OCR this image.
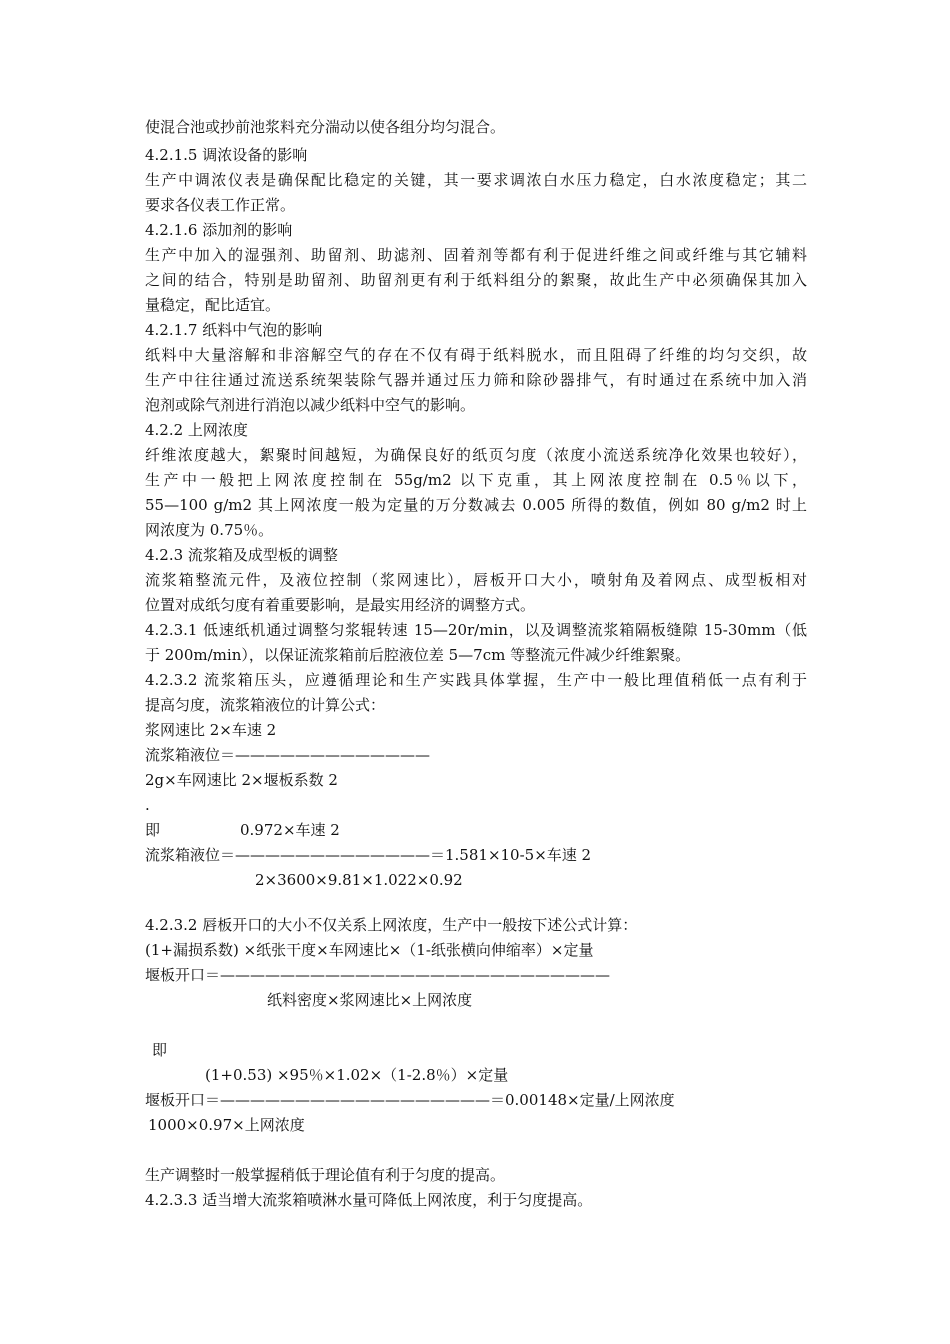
使混合池或抄前池浆料充分湍动以使各组分均匀混合。
4.2.1.5 调浓设备的影响
生产中调浓仪表是确保配比稳定的关键，其一要求调浓白水压力稳定，白水浓度稳定；其二
要求各仪表工作正常。
4.2.1.6 添加剂的影响
生产中加入的湿强剂、助留剂、助滤剂、固着剂等都有利于促进纤维之间或纤维与其它辅料
之间的结合，特别是助留剂、助留剂更有利于纸料组分的絮聚，故此生产中必须确保其加入
量稳定，配比适宜。
4.2.1.7 纸料中气泡的影响
纸料中大量溶解和非溶解空气的存在不仅有碍于纸料脱水，而且阻碍了纤维的均匀交织，故
生产中往往通过流送系统架装除气器并通过压力筛和除砂器排气，有时通过在系统中加入消
泡剂或除气剂进行消泡以减少纸料中空气的影响。
4.2.2 上网浓度
纤维浓度越大，絮聚时间越短，为确保良好的纸页匀度（浓度小流送系统净化效果也较好），
生产中一般把上网浓度控制在 55g/m2 以下克重，其上网浓度控制在 0.5％以下，
55—100 g/m2 其上网浓度一般为定量的万分数减去 0.005 所得的数值，例如 80 g/m2 时上
网浓度为 0.75％。
4.2.3 流浆箱及成型板的调整
流浆箱整流元件，及液位控制（浆网速比），唇板开口大小，喷射角及着网点、成型板相对
位置对成纸匀度有着重要影响，是最实用经济的调整方式。
4.2.3.1 低速纸机通过调整匀浆辊转速 15—20r/min，以及调整流浆箱隔板缝隙 15-30mm（低
于 200m/min），以保证流浆箱前后腔液位差 5—7cm 等整流元件减少纤维絮聚。
4.2.3.2 流浆箱压头，应遵循理论和生产实践具体掌握，生产中一般比理值稍低一点有利于
提高匀度，流浆箱液位的计算公式：
浆网速比 2×车速 2
流浆箱液位＝—————————————
2g×车网速比 2×堰板系数 2
.
即	0.972×车速 2
流浆箱液位＝—————————————＝1.581×10-5×车速 2
2×3600×9.81×1.022×0.92
4.2.3.2 唇板开口的大小不仅关系上网浓度，生产中一般按下述公式计算：
(1+漏损系数) ×纸张干度×车网速比×（1-纸张横向伸缩率）×定量
堰板开口＝——————————————————————————
纸料密度×浆网速比×上网浓度
即
(1+0.53) ×95％×1.02×（1-2.8％）×定量
堰板开口＝——————————————————＝0.00148×定量/上网浓度
1000×0.97×上网浓度
生产调整时一般掌握稍低于理论值有利于匀度的提高。
4.2.3.3 适当增大流浆箱喷淋水量可降低上网浓度，利于匀度提高。
